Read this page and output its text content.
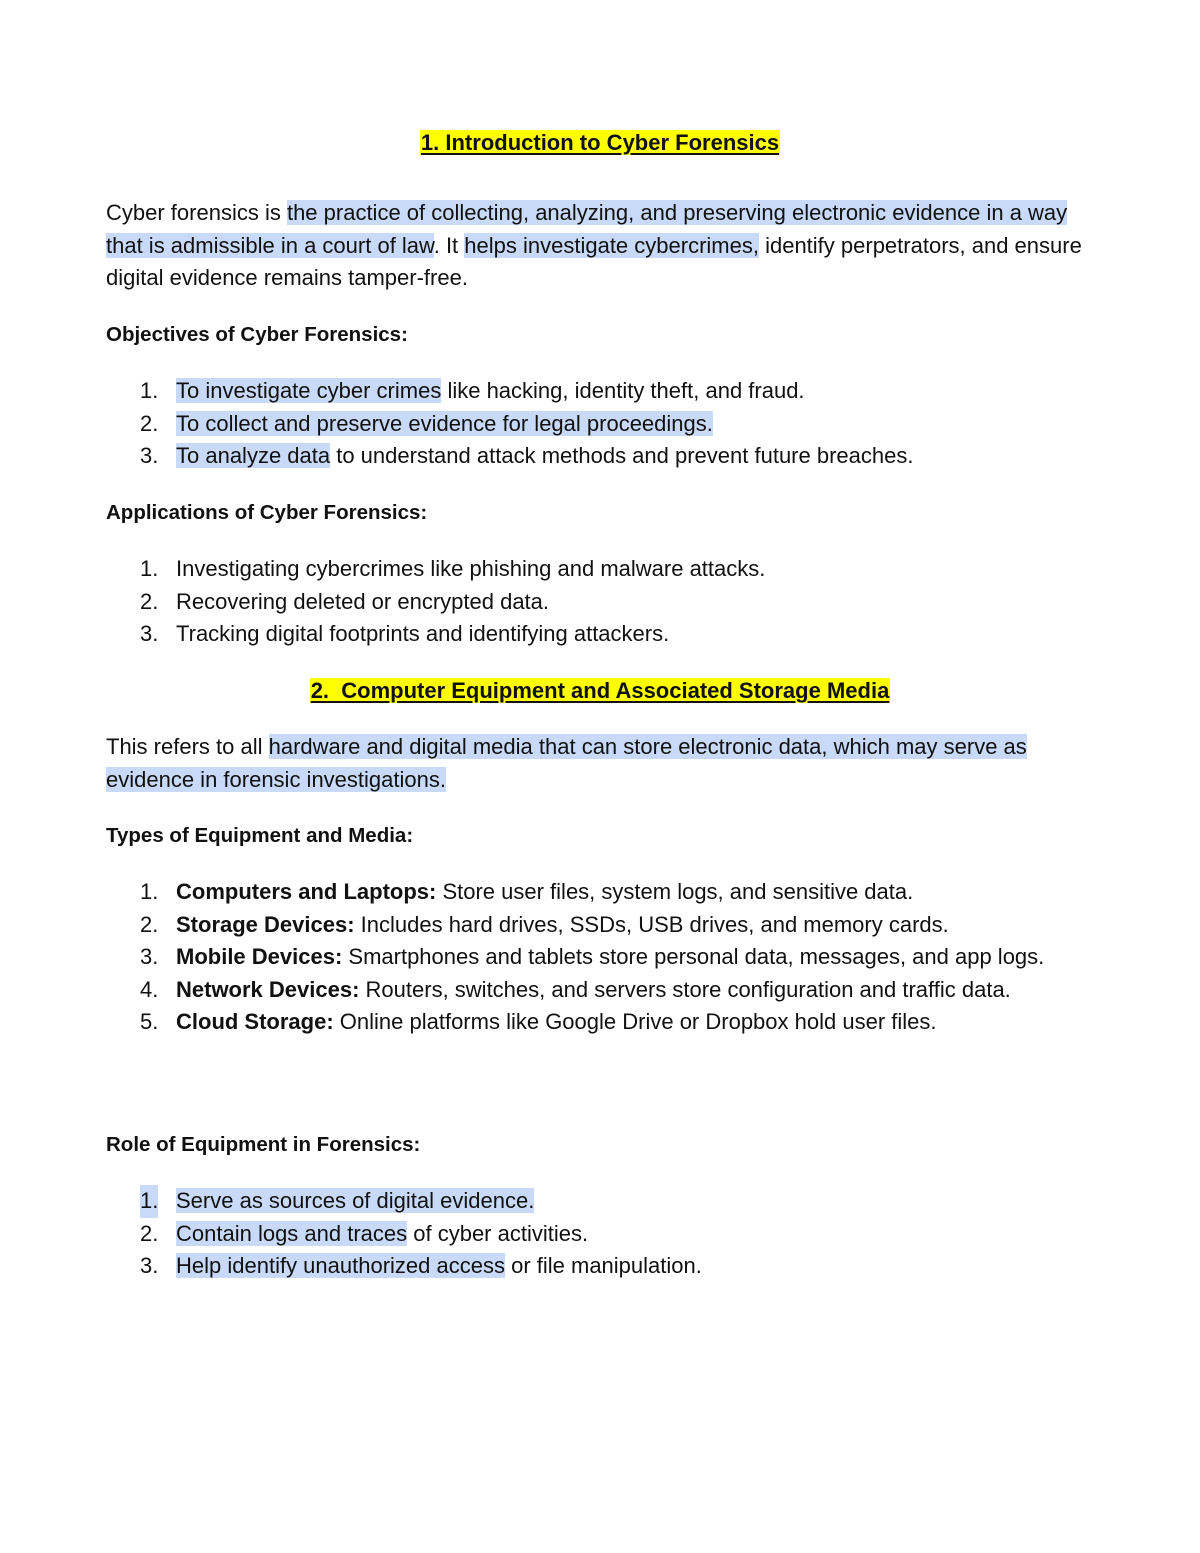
1. Introduction to Cyber Forensics

Cyber forensics is the practice of collecting, analyzing, and preserving electronic evidence in a way that is admissible in a court of law. It helps investigate cybercrimes, identify perpetrators, and ensure digital evidence remains tamper-free.

Objectives of Cyber Forensics:

1. To investigate cyber crimes like hacking, identity theft, and fraud.
2. To collect and preserve evidence for legal proceedings.
3. To analyze data to understand attack methods and prevent future breaches.

Applications of Cyber Forensics:

1. Investigating cybercrimes like phishing and malware attacks.
2. Recovering deleted or encrypted data.
3. Tracking digital footprints and identifying attackers.
2.  Computer Equipment and Associated Storage Media

This refers to all hardware and digital media that can store electronic data, which may serve as evidence in forensic investigations.

Types of Equipment and Media:

1. Computers and Laptops: Store user files, system logs, and sensitive data.
2. Storage Devices: Includes hard drives, SSDs, USB drives, and memory cards.
3. Mobile Devices: Smartphones and tablets store personal data, messages, and app logs.
4. Network Devices: Routers, switches, and servers store configuration and traffic data.
5. Cloud Storage: Online platforms like Google Drive or Dropbox hold user files.

Role of Equipment in Forensics:

1. Serve as sources of digital evidence.
2. Contain logs and traces of cyber activities.
3. Help identify unauthorized access or file manipulation.
